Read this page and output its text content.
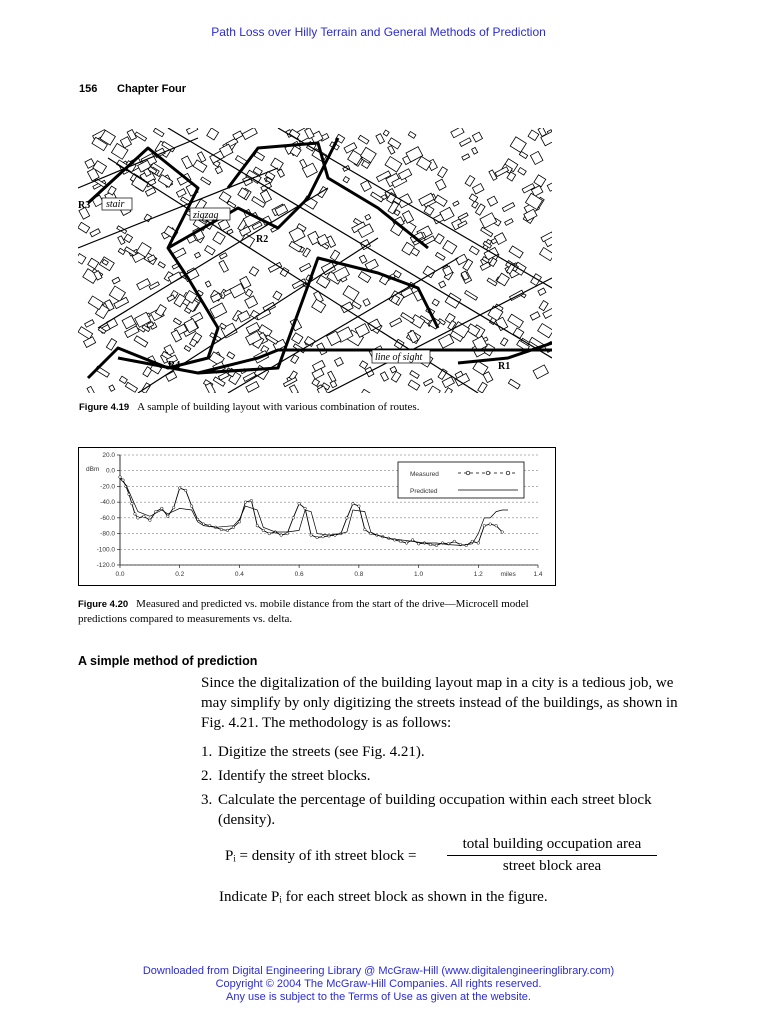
Path Loss over Hilly Terrain and General Methods of Prediction
156 Chapter Four
R3 stair
zigzag
R2
R4
line of sight
R1
Figure 4.19 A sample of building layout with various combination of routes.
20.0
0.0
-20.0
-40.0
-60.0
-80.0
-100.0
-120.0
0.0	0.2	0.4	0.6	0.8	1.0	1.2	1.4
miles
dBm
Measured
Predicted
Figure 4.20 Measured and predicted vs. mobile distance from the start of the drive—Microcell model predictions compared to measurements vs. delta.
A simple method of prediction
Since the digitalization of the building layout map in a city is a tedious job, we may simplify by only digitizing the streets instead of the buildings, as shown in Fig. 4.21. The methodology is as follows:
1. Digitize the streets (see Fig. 4.21).
2. Identify the street blocks.
3. Calculate the percentage of building occupation within each street block (density).
Pᵢ = density of ith street block =
total building occupation area
street block area
Indicate Pᵢ for each street block as shown in the figure.
Downloaded from Digital Engineering Library @ McGraw-Hill (www.digitalengineeringlibrary.com)
Copyright © 2004 The McGraw-Hill Companies. All rights reserved.
Any use is subject to the Terms of Use as given at the website.
